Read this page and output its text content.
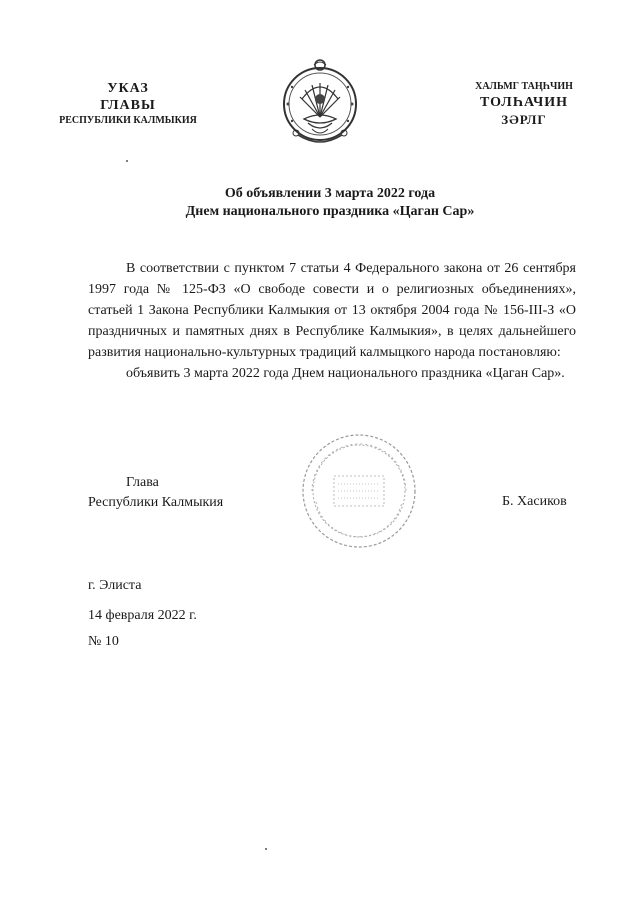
УКАЗ
ГЛАВЫ
РЕСПУБЛИКИ КАЛМЫКИЯ
ХАЛЬМГ ТАҢҺЧИН
ТОЛҺАЧИН
ЗӘРЛГ
Об объявлении 3 марта 2022 года
Днем национального праздника «Цаган Сар»

В соответствии с пунктом 7 статьи 4 Федерального закона от 26 сентября 1997 года № 125-ФЗ «О свободе совести и о религиозных объединениях», статьей 1 Закона Республики Калмыкия от 13 октября 2004 года № 156-III-З «О праздничных и памятных днях в Республике Калмыкия», в целях дальнейшего развития национально-культурных традиций калмыцкого народа постановляю:

объявить 3 марта 2022 года Днем национального праздника «Цаган Сар».

Глава
Республики Калмыкия	Б. Хасиков
г. Элиста
14 февраля 2022 г.
№ 10
